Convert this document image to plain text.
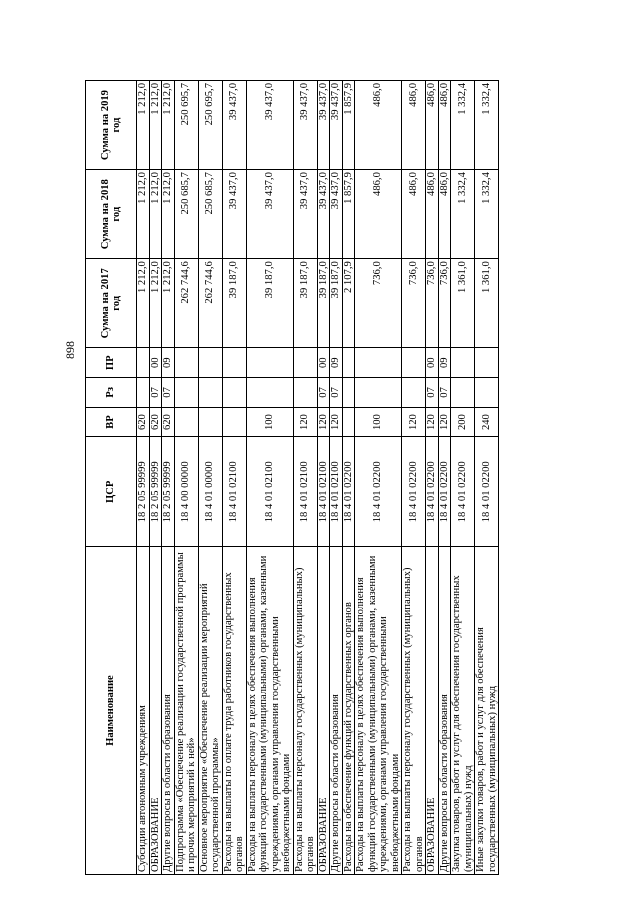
898
Наименование	ЦСР	ВР	Рз	ПР	Сумма на 2017 год	Сумма на 2018 год	Сумма на 2019 год
Субсидии автономным учреждениям	18 2 05 99999	620			1 212,0	1 212,0	1 212,0
ОБРАЗОВАНИЕ	18 2 05 99999	620	07	00	1 212,0	1 212,0	1 212,0
Другие вопросы в области образования	18 2 05 99999	620	07	09	1 212,0	1 212,0	1 212,0
Подпрограмма «Обеспечение реализации государственной программы и прочих мероприятий к ней»	18 4 00 00000				262 744,6	250 685,7	250 695,7
Основное мероприятие «Обеспечение реализации мероприятий государственной программы»	18 4 01 00000				262 744,6	250 685,7	250 695,7
Расходы на выплаты по оплате труда работников государственных органов	18 4 01 02100				39 187,0	39 437,0	39 437,0
Расходы на выплаты персоналу в целях обеспечения выполнения функций государственными (муниципальными) органами, казенными учреждениями, органами управления государственными внебюджетными фондами	18 4 01 02100	100			39 187,0	39 437,0	39 437,0
Расходы на выплаты персоналу государственных (муниципальных) органов	18 4 01 02100	120			39 187,0	39 437,0	39 437,0
ОБРАЗОВАНИЕ	18 4 01 02100	120	07	00	39 187,0	39 437,0	39 437,0
Другие вопросы в области образования	18 4 01 02100	120	07	09	39 187,0	39 437,0	39 437,0
Расходы на обеспечение функций государственных органов	18 4 01 02200				2 107,9	1 857,9	1 857,9
Расходы на выплаты персоналу в целях обеспечения выполнения функций государственными (муниципальными) органами, казенными учреждениями, органами управления государственными внебюджетными фондами	18 4 01 02200	100			736,0	486,0	486,0
Расходы на выплаты персоналу государственных (муниципальных) органов	18 4 01 02200	120			736,0	486,0	486,0
ОБРАЗОВАНИЕ	18 4 01 02200	120	07	00	736,0	486,0	486,0
Другие вопросы в области образования	18 4 01 02200	120	07	09	736,0	486,0	486,0
Закупка товаров, работ и услуг для обеспечения государственных (муниципальных) нужд	18 4 01 02200	200			1 361,0	1 332,4	1 332,4
Иные закупки товаров, работ и услуг для обеспечения государственных (муниципальных) нужд	18 4 01 02200	240			1 361,0	1 332,4	1 332,4
